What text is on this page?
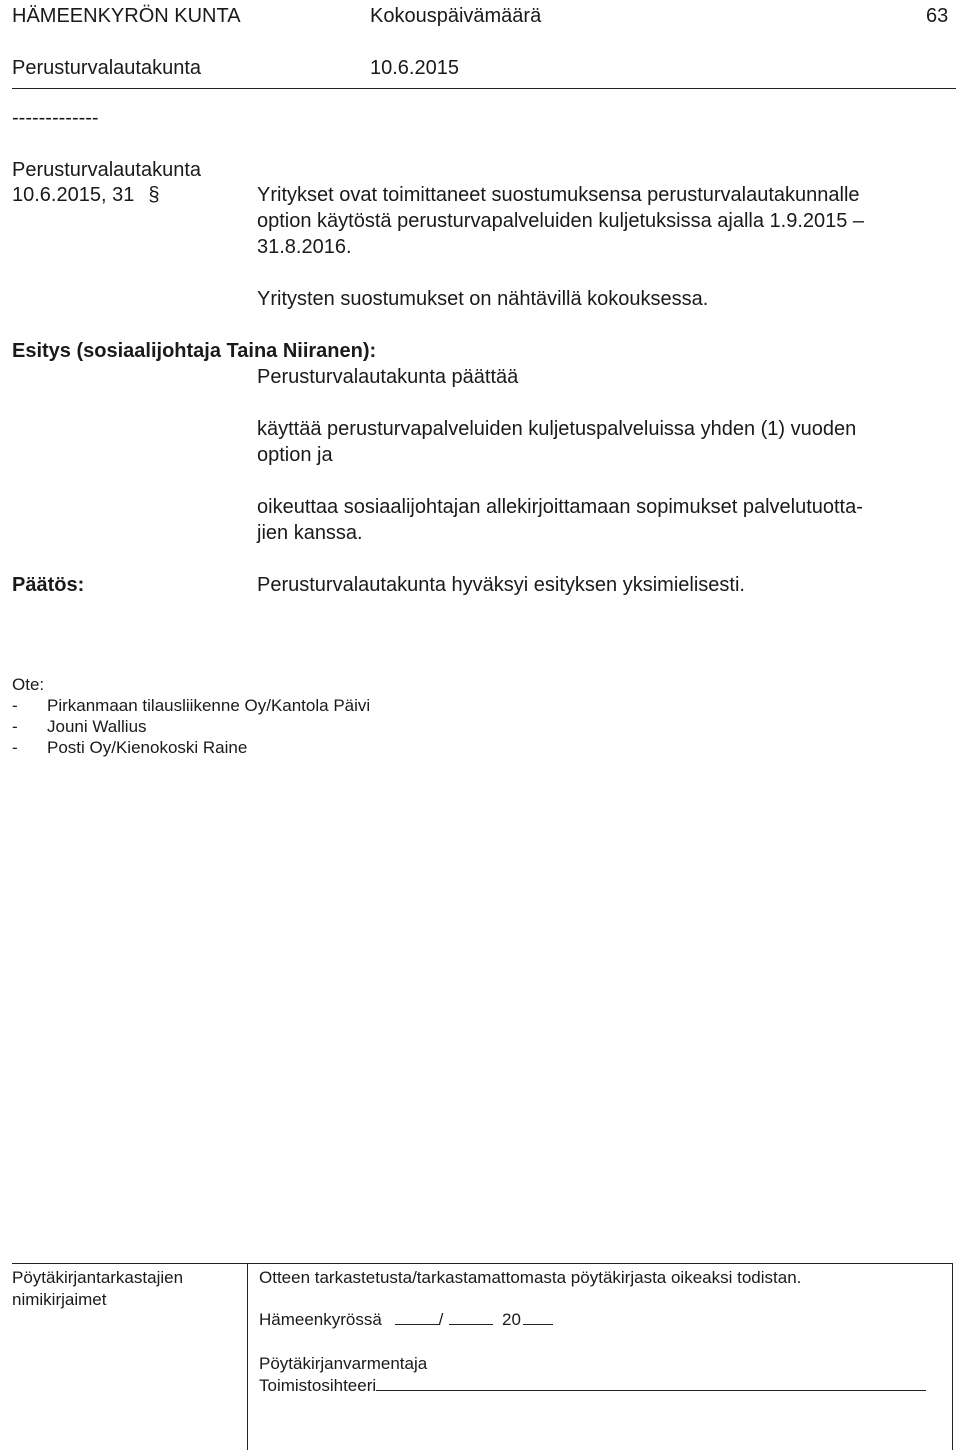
HÄMEENKYRÖN KUNTA	Kokouspäivämäärä	63
Perusturvalautakunta	10.6.2015
-------------
Perusturvalautakunta
10.6.2015, 31 §	Yritykset ovat toimittaneet suostumuksensa perusturvalautakunnalle
option käytöstä perusturvapalveluiden kuljetuksissa ajalla 1.9.2015 –
31.8.2016.
Yritysten suostumukset on nähtävillä kokouksessa.
Esitys (sosiaalijohtaja Taina Niiranen):
Perusturvalautakunta päättää
käyttää perusturvapalveluiden kuljetuspalveluissa yhden (1) vuoden
option ja
oikeuttaa sosiaalijohtajan allekirjoittamaan sopimukset palvelutuotta-
jien kanssa.
Päätös:	Perusturvalautakunta hyväksyi esityksen yksimielisesti.
Ote:
- Pirkanmaan tilausliikenne Oy/Kantola Päivi
- Jouni Wallius
- Posti Oy/Kienokoski Raine
Pöytäkirjantarkastajien
nimikirjaimet
Otteen tarkastetusta/tarkastamattomasta pöytäkirjasta oikeaksi todistan.
Hämeenkyrössä	/	20
Pöytäkirjanvarmentaja
Toimistosihteeri
